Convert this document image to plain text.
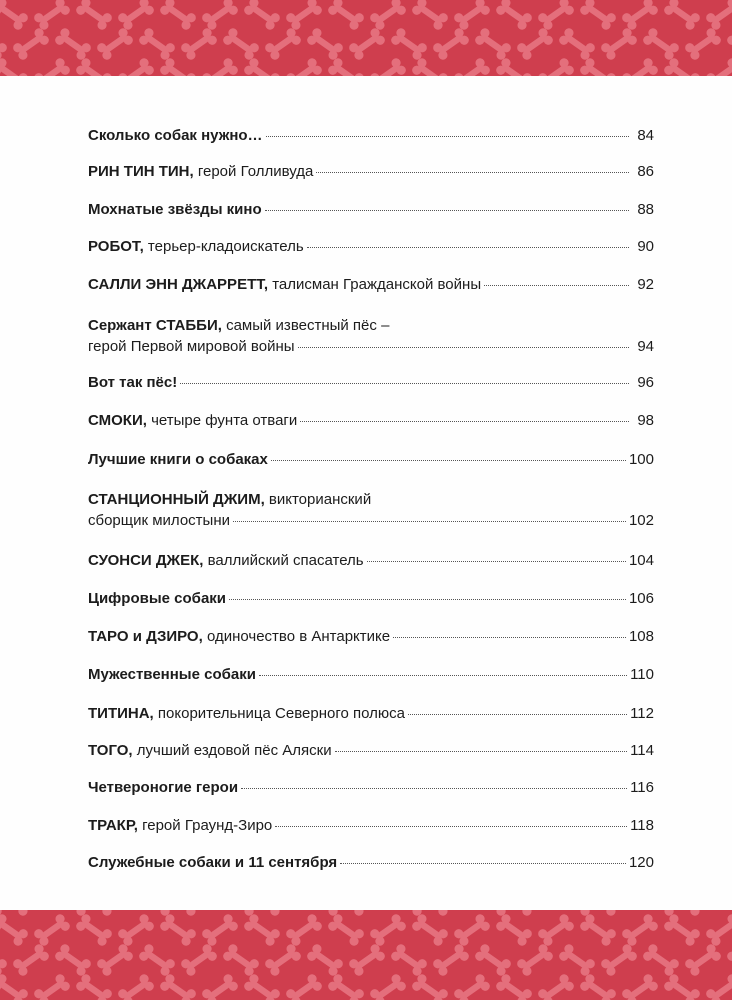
Сколько собак нужно…	84
РИН ТИН ТИН, герой Голливуда	86
Мохнатые звёзды кино	88
РОБОТ, терьер-кладоискатель	90
САЛЛИ ЭНН ДЖАРРЕТТ, талисман Гражданской войны	92
Сержант СТАББИ, самый известный пёс –
герой Первой мировой войны	94
Вот так пёс!	96
СМОКИ, четыре фунта отваги	98
Лучшие книги о собаках	100
СТАНЦИОННЫЙ ДЖИМ, викторианский
сборщик милостыни	102
СУОНСИ ДЖЕК, валлийский спасатель	104
Цифровые собаки	106
ТАРО и ДЗИРО, одиночество в Антарктике	108
Мужественные собаки	110
ТИТИНА, покорительница Северного полюса	112
ТОГО, лучший ездовой пёс Аляски	114
Четвероногие герои	116
ТРАКР, герой Граунд-Зиро	118
Служебные собаки и 11 сентября	120
